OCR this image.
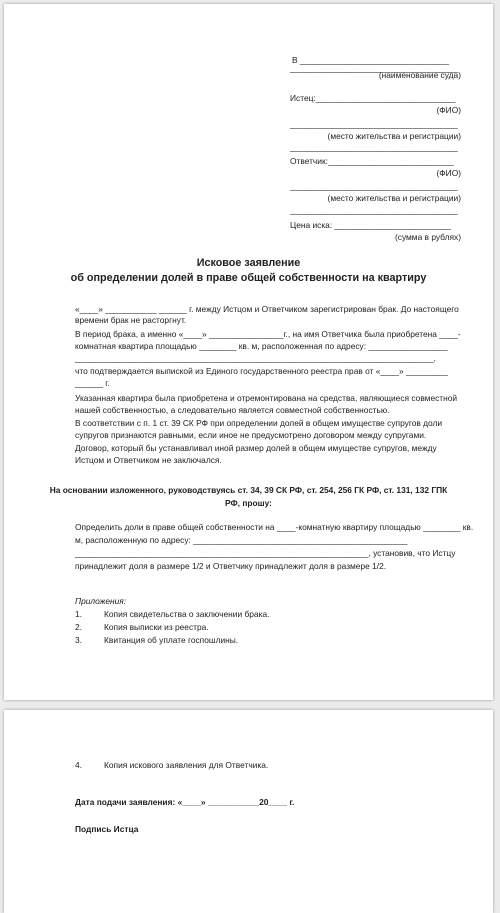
В ________________________________
____________________________________
(наименование суда)
Истец:______________________________
(ФИО)
____________________________________
(место жительства и регистрации)
____________________________________
Ответчик:___________________________
(ФИО)
____________________________________
(место жительства и регистрации)
____________________________________
Цена иска: _________________________
(сумма в рублях)
Исковое заявление
об определении долей в праве общей собственности на квартиру
«____» ___________ ______ г. между Истцом и Ответчиком зарегистрирован брак. До настоящего
времени брак не расторгнут.
В период брака, а именно «____» ________________г., на имя Ответчика была приобретена ____-
комнатная квартира площадью ________ кв. м, расположенная по адресу: _________________
_____________________________________________________________________________,
что подтверждается выпиской из Единого государственного реестра прав от «____» _________
______ г.
Указанная квартира была приобретена и отремонтирована на средства, являющиеся совместной
нашей собственностью, а следовательно является совместной собственностью.
В соответствии с п. 1 ст. 39 СК РФ при определении долей в общем имуществе супругов доли
супругов признаются равными, если иное не предусмотрено договором между супругами.
Договор, который бы устанавливал иной размер долей в общем имуществе супругов, между
Истцом и Ответчиком не заключался.
На основании изложенного, руководствуясь ст. 34, 39 СК РФ, ст. 254, 256 ГК РФ, ст. 131, 132 ГПК
РФ, прошу:
Определить доли в праве общей собственности на ____-комнатную квартиру площадью ________ кв.
м, расположенную по адресу: ______________________________________________
_______________________________________________________________, установив, что Истцу
принадлежит доля в размере 1/2 и Ответчику принадлежит доля в размере 1/2.
Приложения:
1.	Копия свидетельства о заключении брака.
2.	Копия выписки из реестра.
3.	Квитанция об уплате госпошлины.
4.	Копия искового заявления для Ответчика.
Дата подачи заявления: «____» ___________20____ г.
Подпись Истца
